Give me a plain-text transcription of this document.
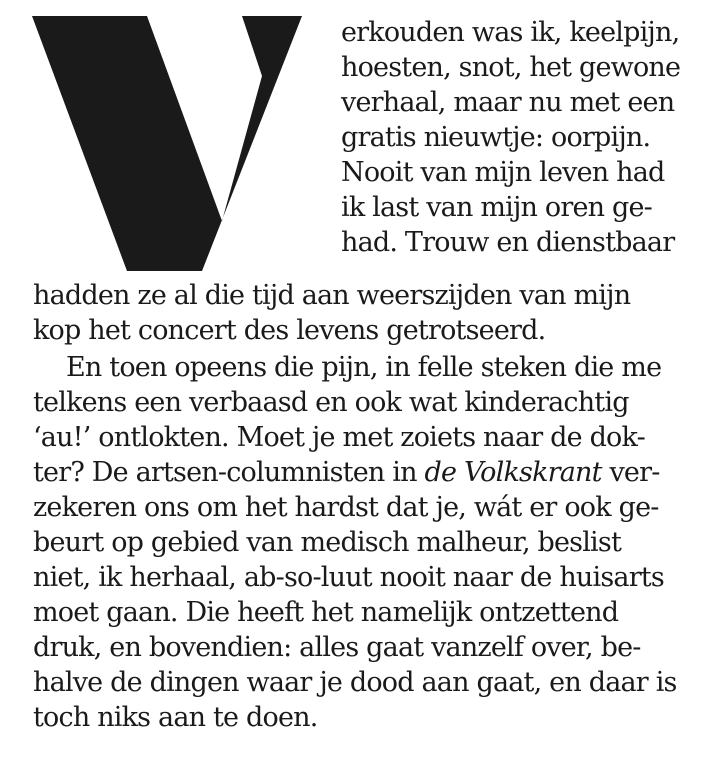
erkouden was ik, keelpijn,
hoesten, snot, het gewone
verhaal, maar nu met een
gratis nieuwtje: oorpijn.
Nooit van mijn leven had
ik last van mijn oren ge-
had. Trouw en dienstbaar
hadden ze al die tijd aan weerszijden van mijn
kop het concert des levens getrotseerd.
En toen opeens die pijn, in felle steken die me
telkens een verbaasd en ook wat kinderachtig
‘au!’ ontlokten. Moet je met zoiets naar de dok-
ter? De artsen-columnisten in de Volkskrant ver-
zekeren ons om het hardst dat je, wát er ook ge-
beurt op gebied van medisch malheur, beslist
niet, ik herhaal, ab-so-luut nooit naar de huisarts
moet gaan. Die heeft het namelijk ontzettend
druk, en bovendien: alles gaat vanzelf over, be-
halve de dingen waar je dood aan gaat, en daar is
toch niks aan te doen.
